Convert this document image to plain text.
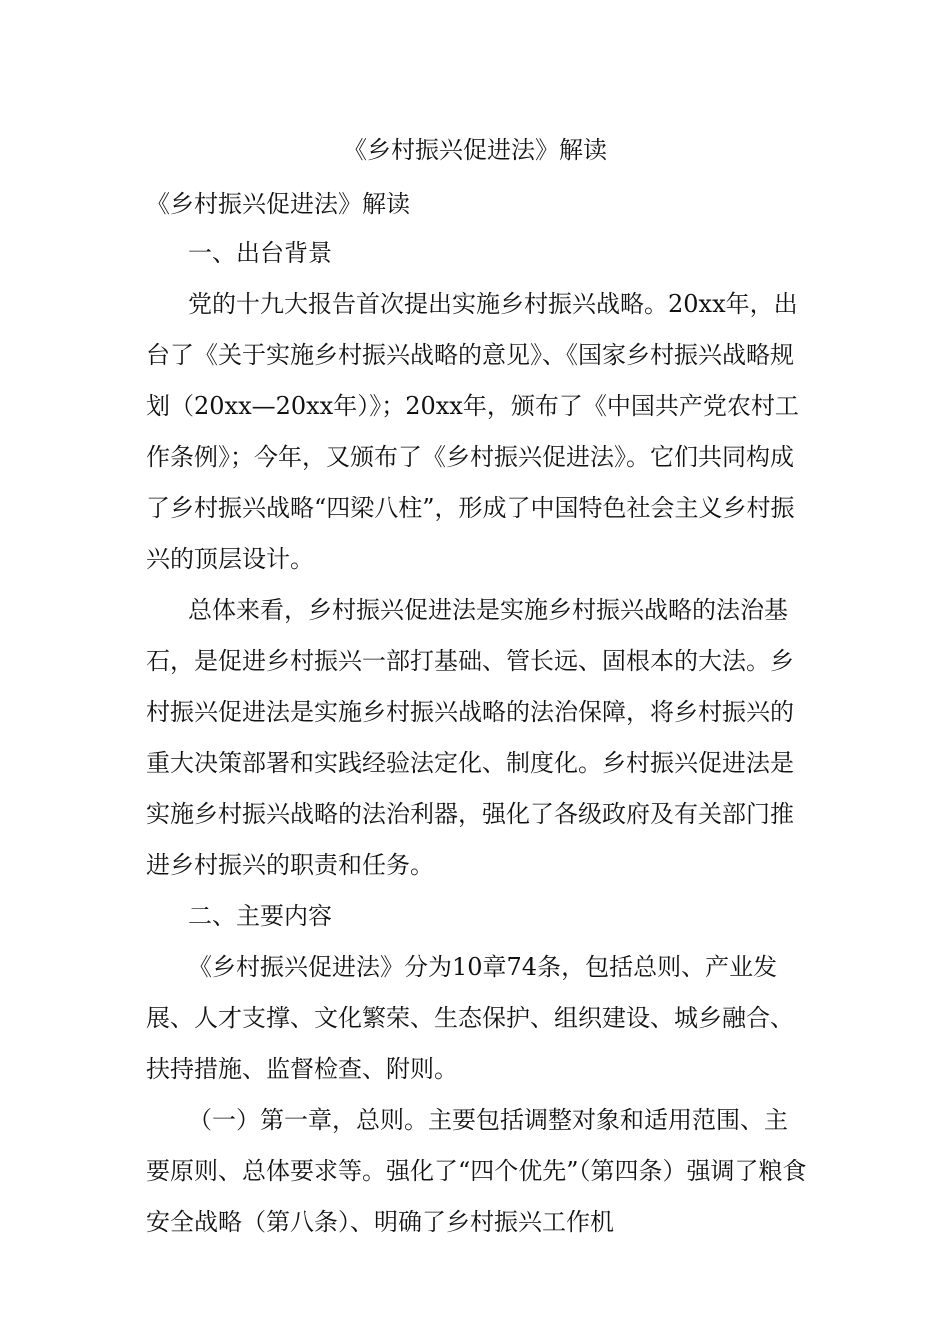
《乡村振兴促进法》解读

《乡村振兴促进法》解读

一、出台背景

党的十九大报告首次提出实施乡村振兴战略。20xx年，出台了《关于实施乡村振兴战略的意见》、《国家乡村振兴战略规划（20xx—20xx年）》；20xx年，颁布了《中国共产党农村工作条例》；今年，又颁布了《乡村振兴促进法》。它们共同构成了乡村振兴战略“四梁八柱”，形成了中国特色社会主义乡村振兴的顶层设计。

总体来看，乡村振兴促进法是实施乡村振兴战略的法治基石，是促进乡村振兴一部打基础、管长远、固根本的大法。乡村振兴促进法是实施乡村振兴战略的法治保障，将乡村振兴的重大决策部署和实践经验法定化、制度化。乡村振兴促进法是实施乡村振兴战略的法治利器，强化了各级政府及有关部门推进乡村振兴的职责和任务。

二、主要内容

《乡村振兴促进法》分为10章74条，包括总则、产业发展、人才支撑、文化繁荣、生态保护、组织建设、城乡融合、扶持措施、监督检查、附则。

（一）第一章，总则。主要包括调整对象和适用范围、主要原则、总体要求等。强化了“四个优先”（第四条）强调了粮食安全战略（第八条）、明确了乡村振兴工作机
